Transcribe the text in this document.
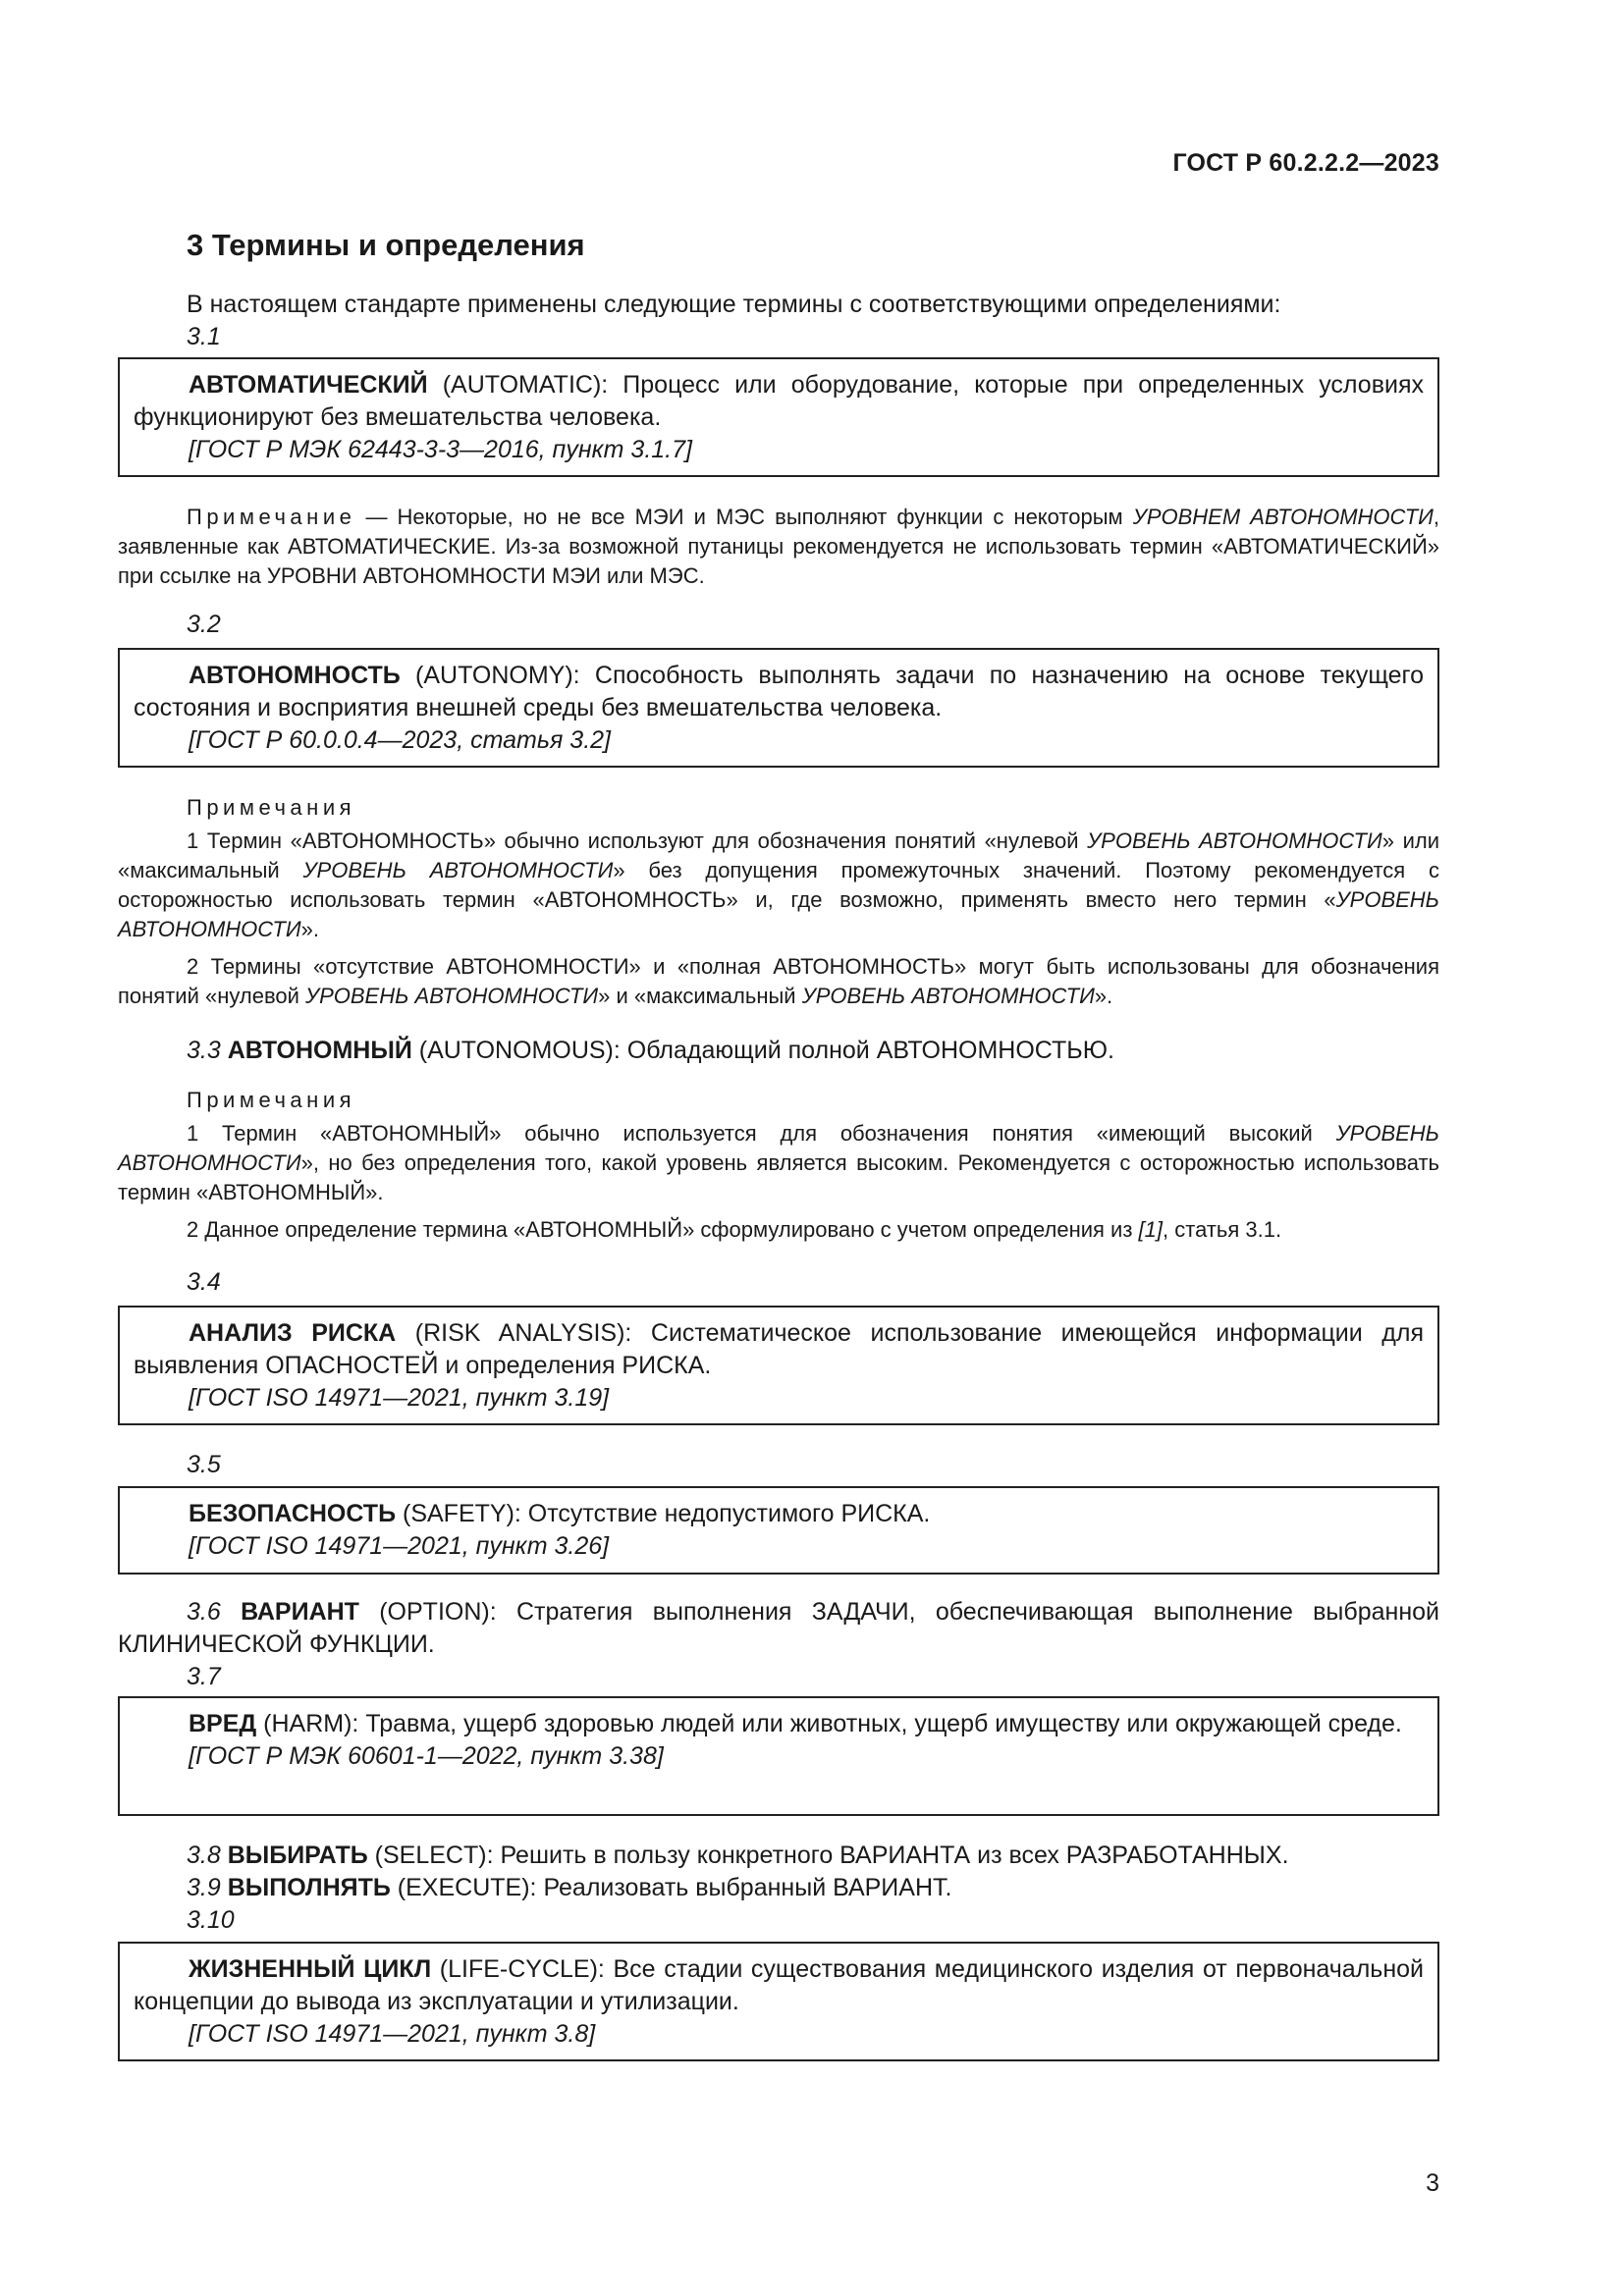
ГОСТ Р 60.2.2.2—2023
3 Термины и определения

В настоящем стандарте применены следующие термины с соответствующими определениями:

3.1

АВТОМАТИЧЕСКИЙ (AUTOMATIC): Процесс или оборудование, которые при определенных условиях функционируют без вмешательства человека.

[ГОСТ Р МЭК 62443-3-3—2016, пункт 3.1.7]

Примечание — Некоторые, но не все МЭИ и МЭС выполняют функции с некоторым УРОВНЕМ АВТОНОМНОСТИ, заявленные как АВТОМАТИЧЕСКИЕ. Из-за возможной путаницы рекомендуется не использовать термин «АВТОМАТИЧЕСКИЙ» при ссылке на УРОВНИ АВТОНОМНОСТИ МЭИ или МЭС.

3.2

АВТОНОМНОСТЬ (AUTONOMY): Способность выполнять задачи по назначению на основе текущего состояния и восприятия внешней среды без вмешательства человека.

[ГОСТ Р 60.0.0.4—2023, статья 3.2]

Примечания

1 Термин «АВТОНОМНОСТЬ» обычно используют для обозначения понятий «нулевой УРОВЕНЬ АВТОНОМНОСТИ» или «максимальный УРОВЕНЬ АВТОНОМНОСТИ» без допущения промежуточных значений. Поэтому рекомендуется с осторожностью использовать термин «АВТОНОМНОСТЬ» и, где возможно, применять вместо него термин «УРОВЕНЬ АВТОНОМНОСТИ».

2 Термины «отсутствие АВТОНОМНОСТИ» и «полная АВТОНОМНОСТЬ» могут быть использованы для обозначения понятий «нулевой УРОВЕНЬ АВТОНОМНОСТИ» и «максимальный УРОВЕНЬ АВТОНОМНОСТИ».

3.3 АВТОНОМНЫЙ (AUTONOMOUS): Обладающий полной АВТОНОМНОСТЬЮ.

Примечания

1 Термин «АВТОНОМНЫЙ» обычно используется для обозначения понятия «имеющий высокий УРОВЕНЬ АВТОНОМНОСТИ», но без определения того, какой уровень является высоким. Рекомендуется с осторожностью использовать термин «АВТОНОМНЫЙ».

2 Данное определение термина «АВТОНОМНЫЙ» сформулировано с учетом определения из [1], статья 3.1.

3.4

АНАЛИЗ РИСКА (RISK ANALYSIS): Систематическое использование имеющейся информации для выявления ОПАСНОСТЕЙ и определения РИСКА.

[ГОСТ ISO 14971—2021, пункт 3.19]

3.5

БЕЗОПАСНОСТЬ (SAFETY): Отсутствие недопустимого РИСКА.

[ГОСТ ISO 14971—2021, пункт 3.26]

3.6 ВАРИАНТ (OPTION): Стратегия выполнения ЗАДАЧИ, обеспечивающая выполнение выбранной КЛИНИЧЕСКОЙ ФУНКЦИИ.

3.7

ВРЕД (HARM): Травма, ущерб здоровью людей или животных, ущерб имуществу или окружающей среде.

[ГОСТ Р МЭК 60601-1—2022, пункт 3.38]

3.8 ВЫБИРАТЬ (SELECT): Решить в пользу конкретного ВАРИАНТА из всех РАЗРАБОТАННЫХ.

3.9 ВЫПОЛНЯТЬ (EXECUTE): Реализовать выбранный ВАРИАНТ.

3.10

ЖИЗНЕННЫЙ ЦИКЛ (LIFE-CYCLE): Все стадии существования медицинского изделия от первоначальной концепции до вывода из эксплуатации и утилизации.

[ГОСТ ISO 14971—2021, пункт 3.8]
3
